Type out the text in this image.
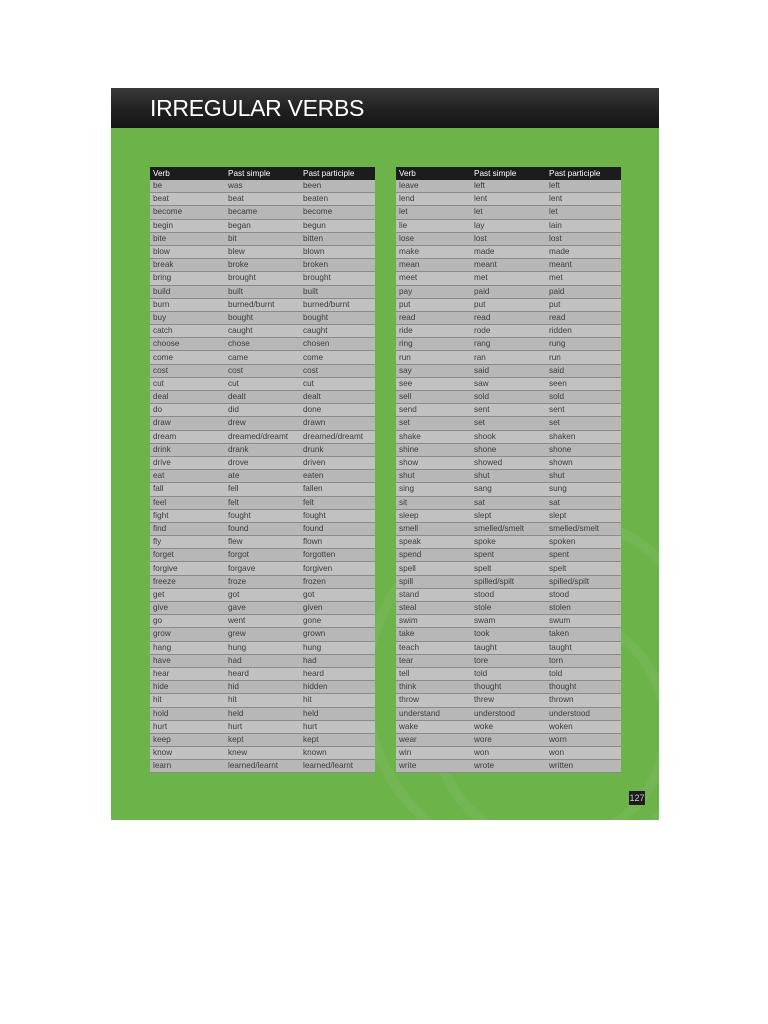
IRREGULAR VERBS
Verb	Past simple	Past participle
be	was	been
beat	beat	beaten
become	became	become
begin	began	begun
bite	bit	bitten
blow	blew	blown
break	broke	broken
bring	brought	brought
build	built	built
burn	burned/burnt	burned/burnt
buy	bought	bought
catch	caught	caught
choose	chose	chosen
come	came	come
cost	cost	cost
cut	cut	cut
deal	dealt	dealt
do	did	done
draw	drew	drawn
dream	dreamed/dreamt	dreamed/dreamt
drink	drank	drunk
drive	drove	driven
eat	ate	eaten
fall	fell	fallen
feel	felt	felt
fight	fought	fought
find	found	found
fly	flew	flown
forget	forgot	forgotten
forgive	forgave	forgiven
freeze	froze	frozen
get	got	got
give	gave	given
go	went	gone
grow	grew	grown
hang	hung	hung
have	had	had
hear	heard	heard
hide	hid	hidden
hit	hit	hit
hold	held	held
hurt	hurt	hurt
keep	kept	kept
know	knew	known
learn	learned/learnt	learned/learnt
Verb	Past simple	Past participle
leave	left	left
lend	lent	lent
let	let	let
lie	lay	lain
lose	lost	lost
make	made	made
mean	meant	meant
meet	met	met
pay	paid	paid
put	put	put
read	read	read
ride	rode	ridden
ring	rang	rung
run	ran	run
say	said	said
see	saw	seen
sell	sold	sold
send	sent	sent
set	set	set
shake	shook	shaken
shine	shone	shone
show	showed	shown
shut	shut	shut
sing	sang	sung
sit	sat	sat
sleep	slept	slept
smell	smelled/smelt	smelled/smelt
speak	spoke	spoken
spend	spent	spent
spell	spelt	spelt
spill	spilled/spilt	spilled/spilt
stand	stood	stood
steal	stole	stolen
swim	swam	swum
take	took	taken
teach	taught	taught
tear	tore	torn
tell	told	told
think	thought	thought
throw	threw	thrown
understand	understood	understood
wake	woke	woken
wear	wore	worn
win	won	won
write	wrote	written
127
